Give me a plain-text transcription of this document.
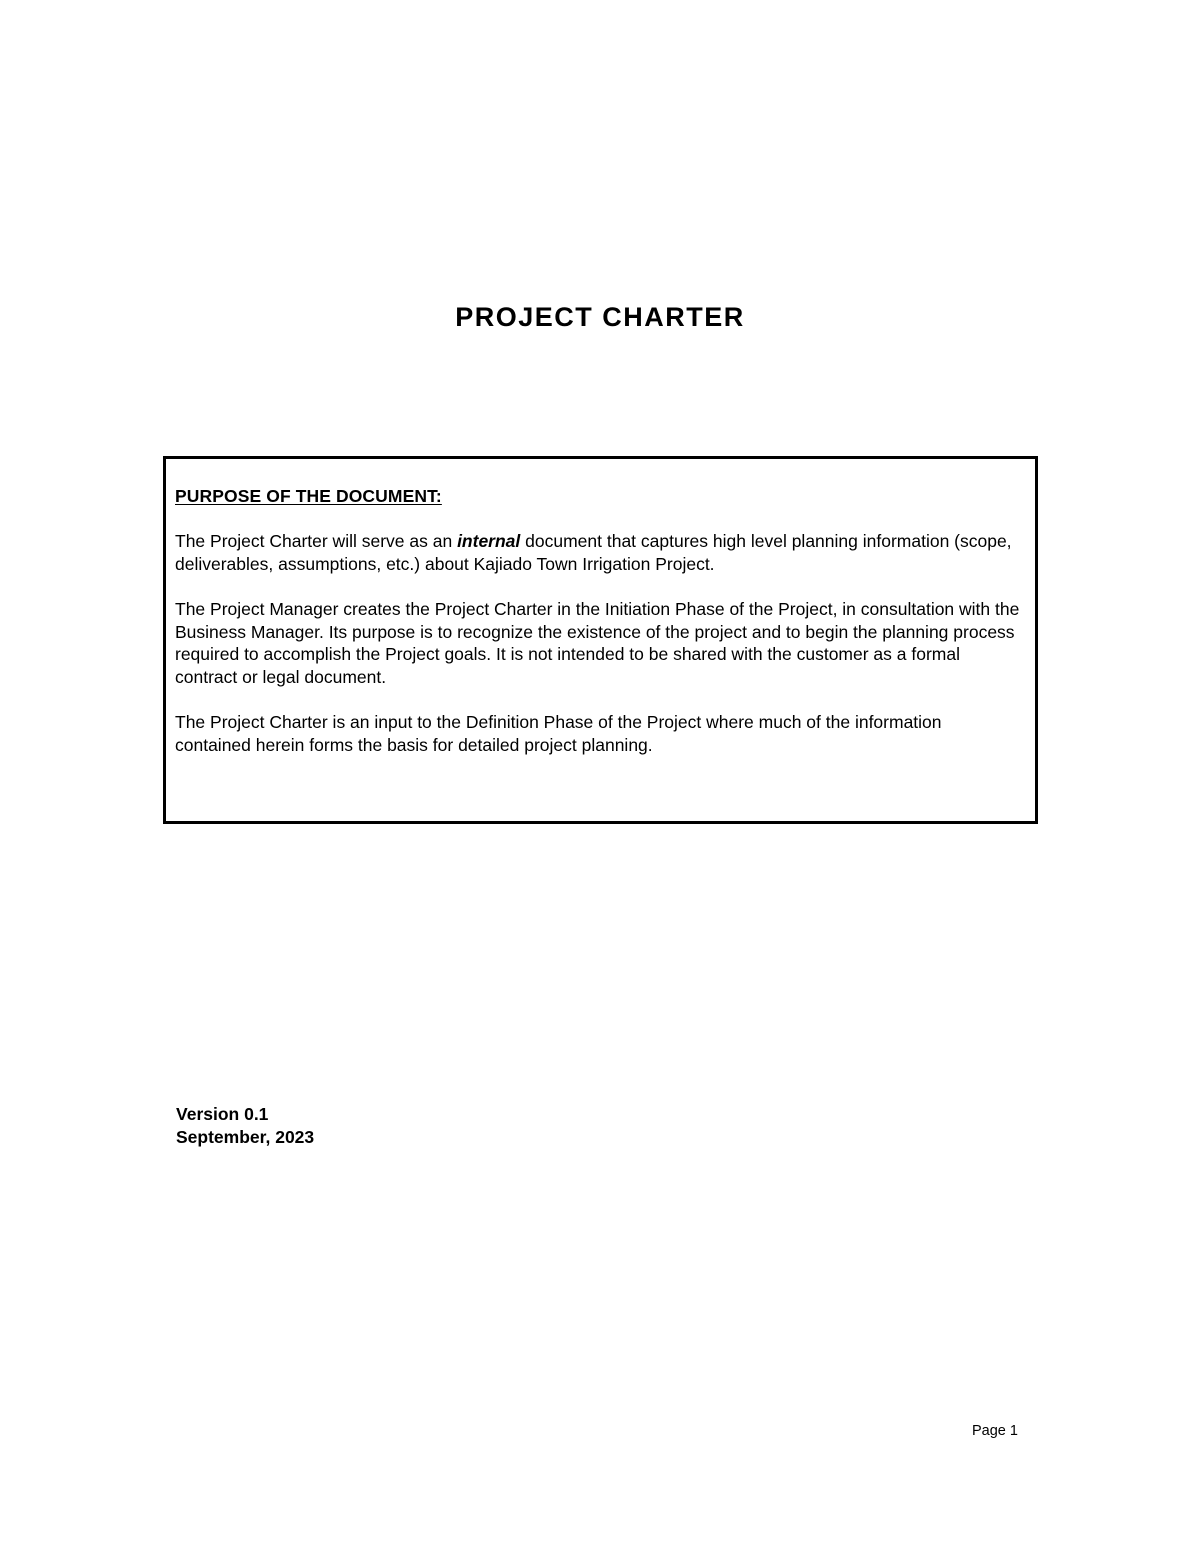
PROJECT CHARTER
PURPOSE OF THE DOCUMENT:

The Project Charter will serve as an internal document that captures high level planning information (scope, deliverables, assumptions, etc.) about Kajiado Town Irrigation Project.

The Project Manager creates the Project Charter in the Initiation Phase of the Project, in consultation with the Business Manager. Its purpose is to recognize the existence of the project and to begin the planning process required to accomplish the Project goals. It is not intended to be shared with the customer as a formal contract or legal document.

The Project Charter is an input to the Definition Phase of the Project where much of the information contained herein forms the basis for detailed project planning.

Version 0.1
September, 2023
Page 1
